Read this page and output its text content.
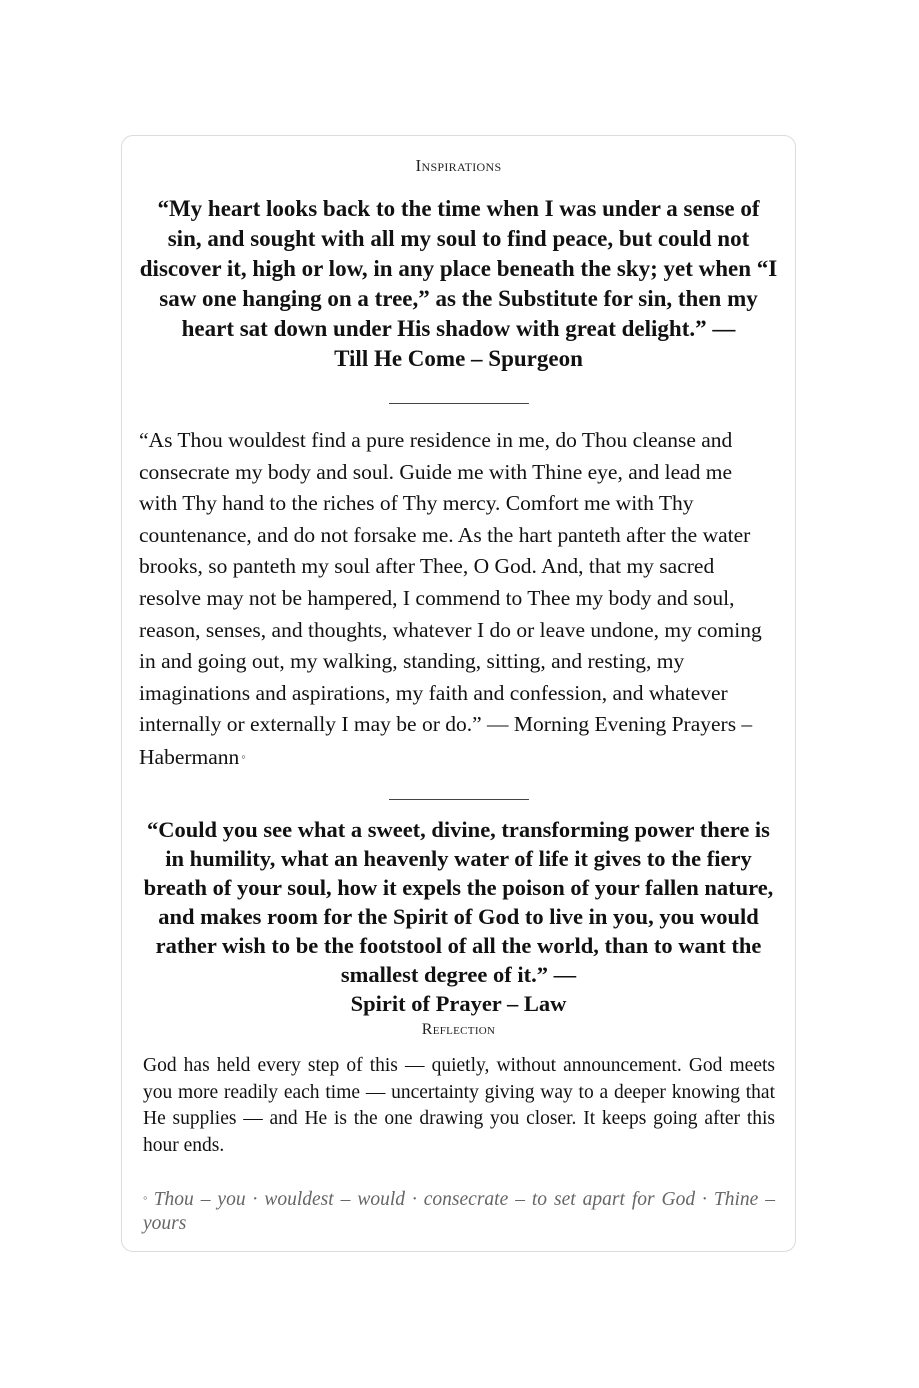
Inspirations
“My heart looks back to the time when I was under a sense of sin, and sought with all my soul to find peace, but could not discover it, high or low, in any place beneath the sky; yet when “I saw one hanging on a tree,” as the Substitute for sin, then my heart sat down under His shadow with great delight.” —
Till He Come – Spurgeon
“As Thou wouldest find a pure residence in me, do Thou cleanse and consecrate my body and soul. Guide me with Thine eye, and lead me with Thy hand to the riches of Thy mercy. Comfort me with Thy countenance, and do not forsake me. As the hart panteth after the water brooks, so panteth my soul after Thee, O God. And, that my sacred resolve may not be hampered, I commend to Thee my body and soul, reason, senses, and thoughts, whatever I do or leave undone, my coming in and going out, my walking, standing, sitting, and resting, my imaginations and aspirations, my faith and confession, and whatever internally or externally I may be or do.” — Morning Evening Prayers – Habermann ◦
“Could you see what a sweet, divine, transforming power there is in humility, what an heavenly water of life it gives to the fiery breath of your soul, how it expels the poison of your fallen nature, and makes room for the Spirit of God to live in you, you would rather wish to be the footstool of all the world, than to want the smallest degree of it.” —
Spirit of Prayer – Law
Reflection
God has held every step of this — quietly, without announcement. God meets you more readily each time — uncertainty giving way to a deeper knowing that He supplies — and He is the one drawing you closer. It keeps going after this hour ends.
◦ Thou – you · wouldest – would · consecrate – to set apart for God · Thine – yours
